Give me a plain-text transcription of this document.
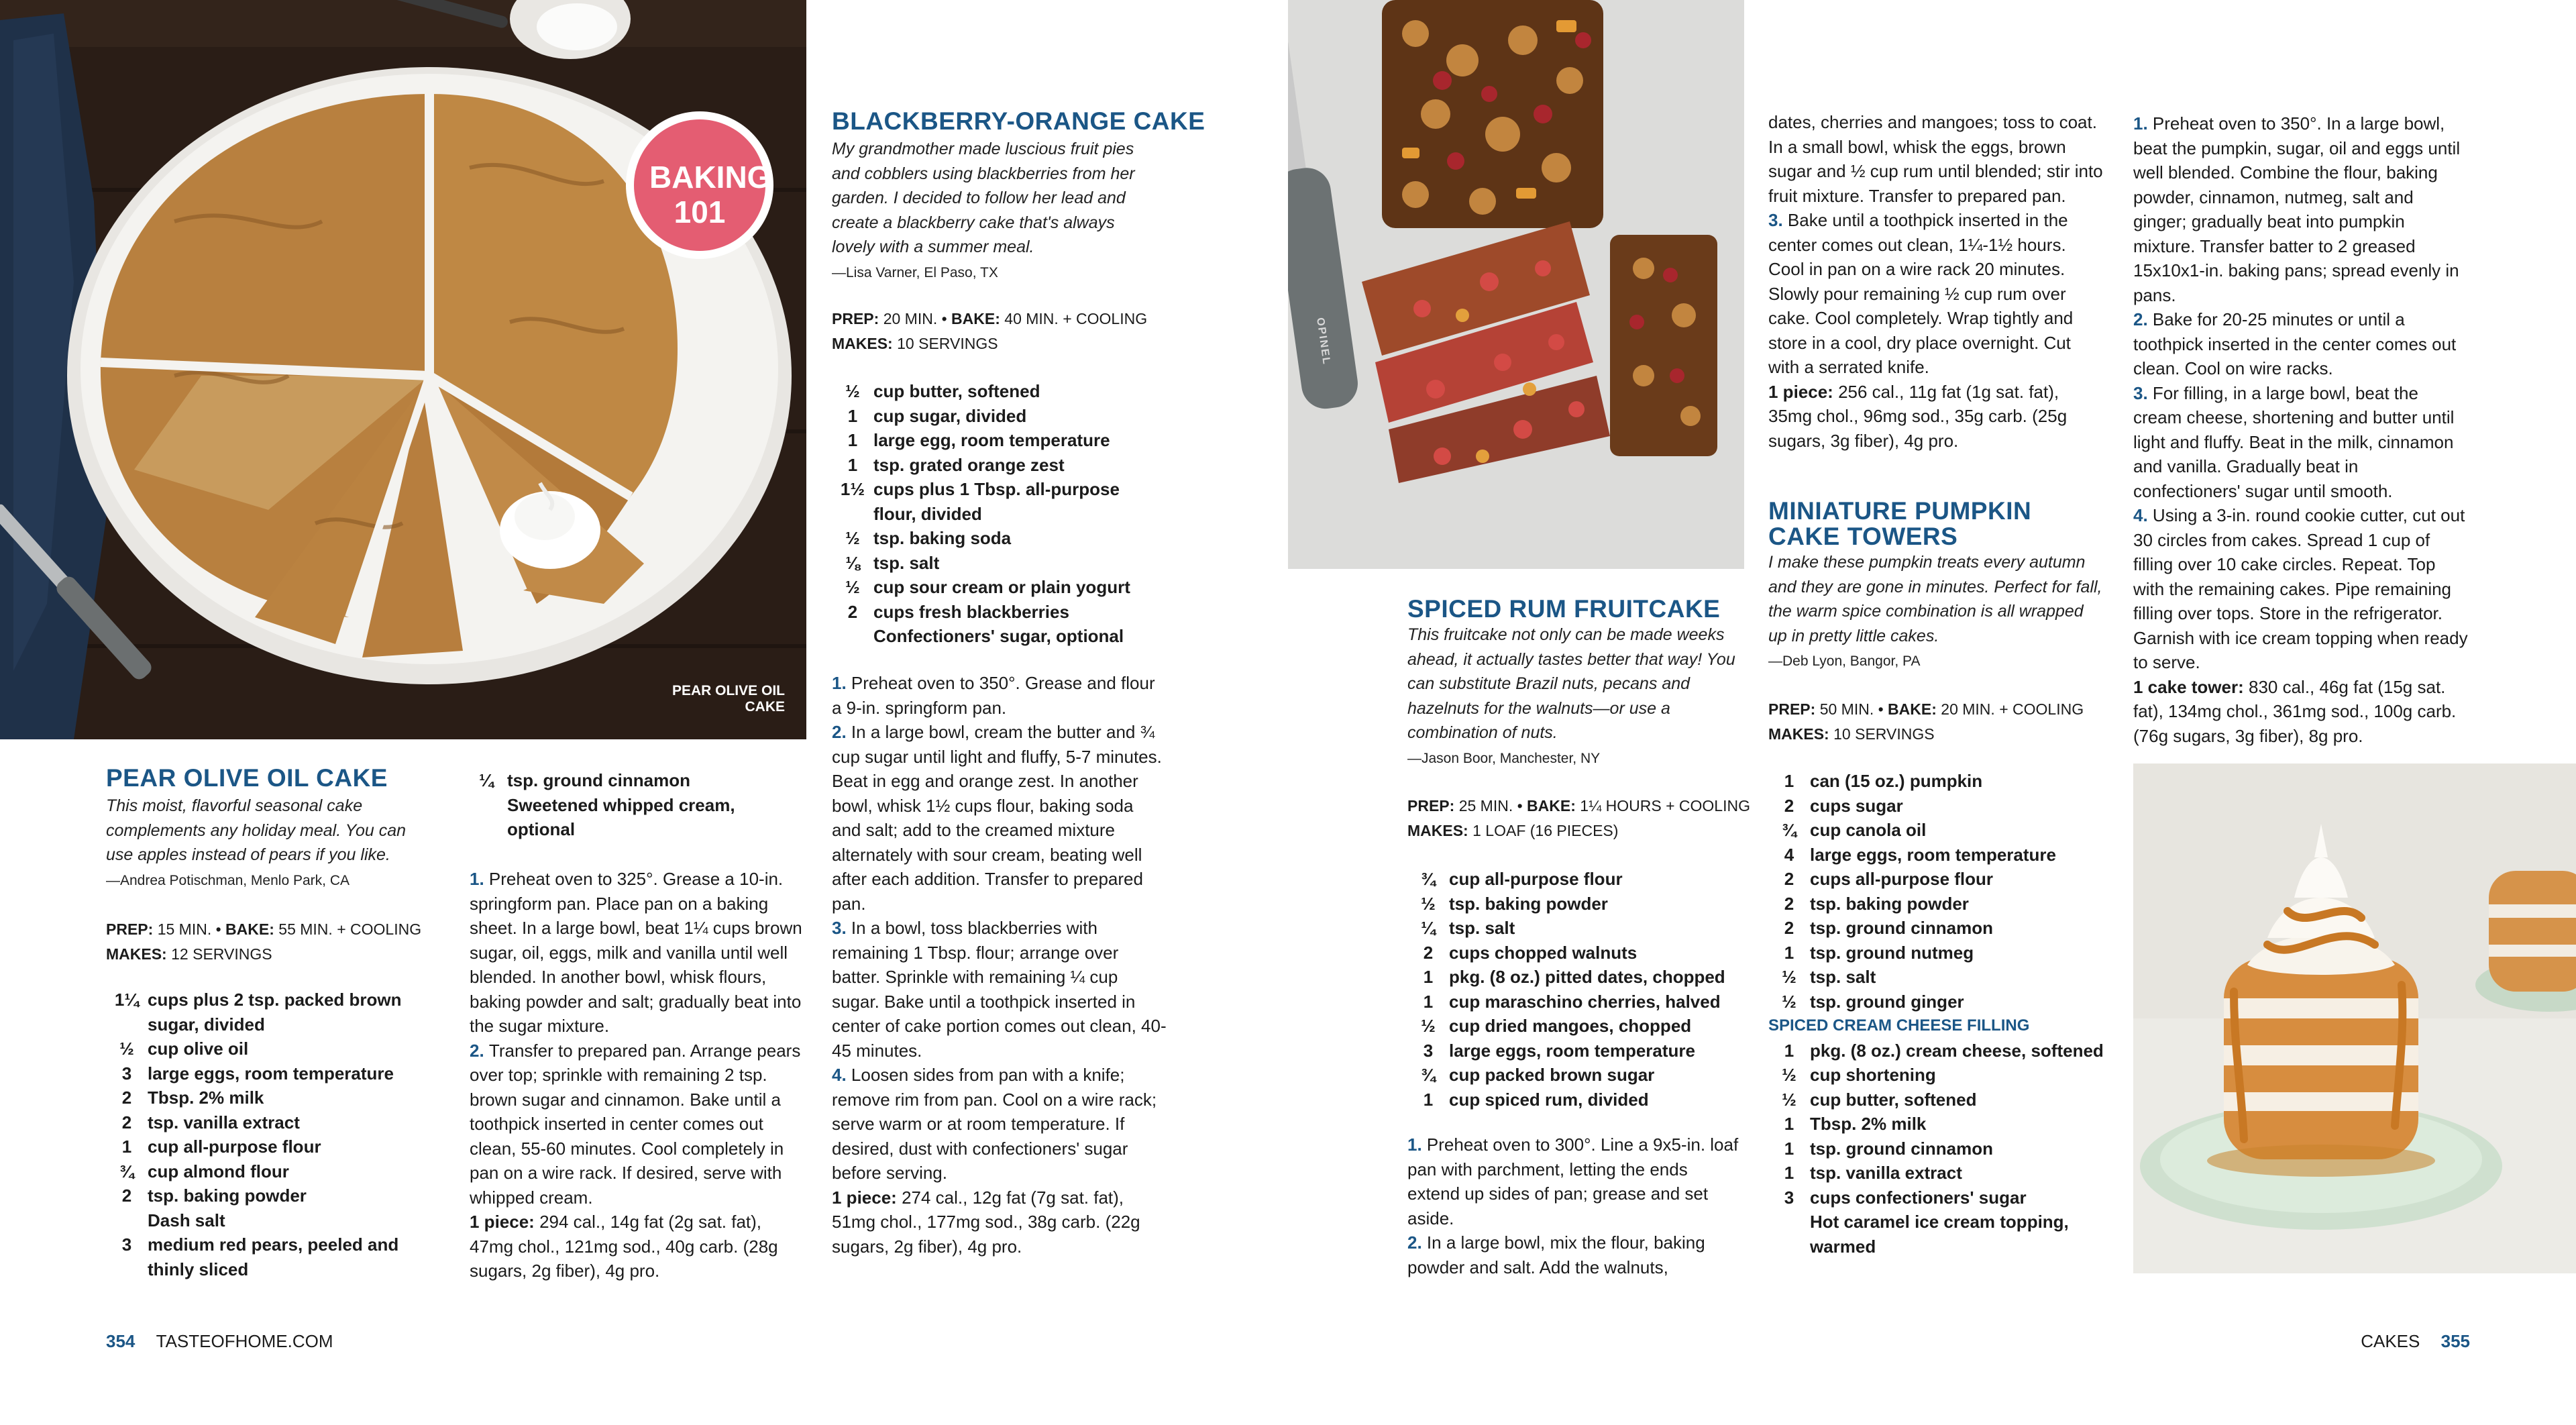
BAKING 101
PEAR OLIVE OIL CAKE
OPINEL
PEAR OLIVE OIL CAKE
This moist, flavorful seasonal cake complements any holiday meal. You can use apples instead of pears if you like.
—Andrea Potischman, Menlo Park, CA
PREP: 15 MIN. • BAKE: 55 MIN. + COOLING
MAKES: 12 SERVINGS
1¼ cups plus 2 tsp. packed brown sugar, divided
½ cup olive oil
3 large eggs, room temperature
2 Tbsp. 2% milk
2 tsp. vanilla extract
1 cup all-purpose flour
¾ cup almond flour
2 tsp. baking powder
Dash salt
3 medium red pears, peeled and thinly sliced
¼ tsp. ground cinnamon
Sweetened whipped cream, optional

1. Preheat oven to 325°. Grease a 10-in. springform pan. Place pan on a baking sheet. In a large bowl, beat 1¼ cups brown sugar, oil, eggs, milk and vanilla until well blended. In another bowl, whisk flours, baking powder and salt; gradually beat into the sugar mixture.
2. Transfer to prepared pan. Arrange pears over top; sprinkle with remaining 2 tsp. brown sugar and cinnamon. Bake until a toothpick inserted in center comes out clean, 55-60 minutes. Cool completely in pan on a wire rack. If desired, serve with whipped cream.

1 piece: 294 cal., 14g fat (2g sat. fat), 47mg chol., 121mg sod., 40g carb. (28g sugars, 2g fiber), 4g pro.

BLACKBERRY-ORANGE CAKE
My grandmother made luscious fruit pies and cobblers using blackberries from her garden. I decided to follow her lead and create a blackberry cake that's always lovely with a summer meal.
—Lisa Varner, El Paso, TX
PREP: 20 MIN. • BAKE: 40 MIN. + COOLING
MAKES: 10 SERVINGS
½ cup butter, softened
1 cup sugar, divided
1 large egg, room temperature
1 tsp. grated orange zest
1½ cups plus 1 Tbsp. all-purpose flour, divided
½ tsp. baking soda
⅛ tsp. salt
½ cup sour cream or plain yogurt
2 cups fresh blackberries
Confectioners' sugar, optional

1. Preheat oven to 350°. Grease and flour a 9-in. springform pan.
2. In a large bowl, cream the butter and ¾ cup sugar until light and fluffy, 5-7 minutes. Beat in egg and orange zest. In another bowl, whisk 1½ cups flour, baking soda and salt; add to the creamed mixture alternately with sour cream, beating well after each addition. Transfer to prepared pan.
3. In a bowl, toss blackberries with remaining 1 Tbsp. flour; arrange over batter. Sprinkle with remaining ¼ cup sugar. Bake until a toothpick inserted in center of cake portion comes out clean, 40-45 minutes.
4. Loosen sides from pan with a knife; remove rim from pan. Cool on a wire rack; serve warm or at room temperature. If desired, dust with confectioners' sugar before serving.

1 piece: 274 cal., 12g fat (7g sat. fat), 51mg chol., 177mg sod., 38g carb. (22g sugars, 2g fiber), 4g pro.

SPICED RUM FRUITCAKE
This fruitcake not only can be made weeks ahead, it actually tastes better that way! You can substitute Brazil nuts, pecans and hazelnuts for the walnuts—or use a combination of nuts.
—Jason Boor, Manchester, NY
PREP: 25 MIN. • BAKE: 1¼ HOURS + COOLING
MAKES: 1 LOAF (16 PIECES)
¾ cup all-purpose flour
½ tsp. baking powder
¼ tsp. salt
2 cups chopped walnuts
1 pkg. (8 oz.) pitted dates, chopped
1 cup maraschino cherries, halved
½ cup dried mangoes, chopped
3 large eggs, room temperature
¾ cup packed brown sugar
1 cup spiced rum, divided

1. Preheat oven to 300°. Line a 9x5-in. loaf pan with parchment, letting the ends extend up sides of pan; grease and set aside.
2. In a large bowl, mix the flour, baking powder and salt. Add the walnuts,

dates, cherries and mangoes; toss to coat. In a small bowl, whisk the eggs, brown sugar and ½ cup rum until blended; stir into fruit mixture. Transfer to prepared pan.
3. Bake until a toothpick inserted in the center comes out clean, 1¼-1½ hours. Cool in pan on a wire rack 20 minutes. Slowly pour remaining ½ cup rum over cake. Cool completely. Wrap tightly and store in a cool, dry place overnight. Cut with a serrated knife.

1 piece: 256 cal., 11g fat (1g sat. fat), 35mg chol., 96mg sod., 35g carb. (25g sugars, 3g fiber), 4g pro.

MINIATURE PUMPKIN
CAKE TOWERS
I make these pumpkin treats every autumn and they are gone in minutes. Perfect for fall, the warm spice combination is all wrapped up in pretty little cakes.
—Deb Lyon, Bangor, PA
PREP: 50 MIN. • BAKE: 20 MIN. + COOLING
MAKES: 10 SERVINGS
1 can (15 oz.) pumpkin
2 cups sugar
¾ cup canola oil
4 large eggs, room temperature
2 cups all-purpose flour
2 tsp. baking powder
2 tsp. ground cinnamon
1 tsp. ground nutmeg
½ tsp. salt
½ tsp. ground ginger
SPICED CREAM CHEESE FILLING
1 pkg. (8 oz.) cream cheese, softened
½ cup shortening
½ cup butter, softened
1 Tbsp. 2% milk
1 tsp. ground cinnamon
1 tsp. vanilla extract
3 cups confectioners' sugar
Hot caramel ice cream topping, warmed

1. Preheat oven to 350°. In a large bowl, beat the pumpkin, sugar, oil and eggs until well blended. Combine the flour, baking powder, cinnamon, nutmeg, salt and ginger; gradually beat into pumpkin mixture. Transfer batter to 2 greased 15x10x1-in. baking pans; spread evenly in pans.
2. Bake for 20-25 minutes or until a toothpick inserted in the center comes out clean. Cool on wire racks.
3. For filling, in a large bowl, beat the cream cheese, shortening and butter until light and fluffy. Beat in the milk, cinnamon and vanilla. Gradually beat in confectioners' sugar until smooth.
4. Using a 3-in. round cookie cutter, cut out 30 circles from cakes. Spread 1 cup of filling over 10 cake circles. Repeat. Top with the remaining cakes. Pipe remaining filling over tops. Store in the refrigerator. Garnish with ice cream topping when ready to serve.

1 cake tower: 830 cal., 46g fat (15g sat. fat), 134mg chol., 361mg sod., 100g carb. (76g sugars, 3g fiber), 8g pro.

354 TASTEOFHOME.COM	CAKES 355
